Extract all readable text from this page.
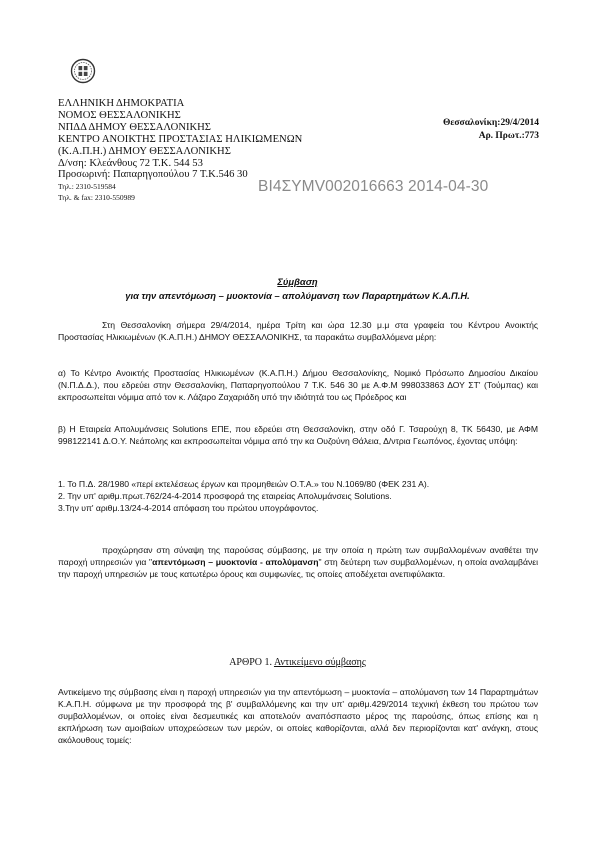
ΕΛΛΗΝΙΚΗ ΔΗΜΟΚΡΑΤΙΑ
ΝΟΜΟΣ ΘΕΣΣΑΛΟΝΙΚΗΣ
ΝΠΔΔ ΔΗΜΟΥ ΘΕΣΣΑΛΟΝΙΚΗΣ
ΚΕΝΤΡΟ ΑΝΟΙΚΤΗΣ ΠΡΟΣΤΑΣΙΑΣ ΗΛΙΚΙΩΜΕΝΩΝ
(Κ.Α.Π.Η.) ΔΗΜΟΥ ΘΕΣΣΑΛΟΝΙΚΗΣ
Δ/νση: Κλεάνθους 72 Τ.Κ. 544 53
Προσωρινή: Παπαρηγοπούλου 7 Τ.Κ.546 30
Τηλ.: 2310-519584
Τηλ. & fax: 2310-550989
Θεσσαλονίκη:29/4/2014
Αρ. Πρωτ.:773
ΒΙ4ΣΥΜV002016663 2014-04-30
Σύμβαση
για την απεντόμωση – μυοκτονία – απολύμανση των Παραρτημάτων Κ.Α.Π.Η.

Στη Θεσσαλονίκη σήμερα 29/4/2014, ημέρα Τρίτη και ώρα 12.30 μ.μ στα γραφεία του Κέντρου Ανοικτής Προστασίας Ηλικιωμένων (Κ.Α.Π.Η.) ΔΗΜΟΥ ΘΕΣΣΑΛΟΝΙΚΗΣ, τα παρακάτω συμβαλλόμενα μέρη:

α) Το Κέντρο Ανοικτής Προστασίας Ηλικιωμένων (Κ.Α.Π.Η.) Δήμου Θεσσαλονίκης, Νομικό Πρόσωπο Δημοσίου Δικαίου (Ν.Π.Δ.Δ.), που εδρεύει στην Θεσσαλονίκη, Παπαρηγοπούλου 7 Τ.Κ. 546 30 με Α.Φ.Μ 998033863 ΔΟΥ ΣΤ' (Τούμπας) και εκπροσωπείται νόμιμα από τον κ. Λάζαρο Ζαχαριάδη υπό την ιδιότητά του ως Πρόεδρος και

β) Η Εταιρεία Απολυμάνσεις Solutions ΕΠΕ, που εδρεύει στη Θεσσαλονίκη, στην οδό Γ. Τσαρούχη 8, ΤΚ 56430, με ΑΦΜ 998122141 Δ.Ο.Υ. Νεάπολης και εκπροσωπείται νόμιμα από την κα Ουζούνη Θάλεια, Δ/ντρια Γεωπόνος, έχοντας υπόψη:

1. Το Π.Δ. 28/1980 «περί εκτελέσεως έργων και προμηθειών Ο.Τ.Α.» του Ν.1069/80 (ΦΕΚ 231 Α).

2. Την υπ' αριθμ.πρωτ.762/24-4-2014 προσφορά της εταιρείας Απολυμάνσεις Solutions.

3.Την υπ' αριθμ.13/24-4-2014 απόφαση του πρώτου υπογράφοντος.

προχώρησαν στη σύναψη της παρούσας σύμβασης, με την οποία η πρώτη των συμβαλλομένων αναθέτει την παροχή υπηρεσιών για "απεντόμωση – μυοκτονία - απολύμανση" στη δεύτερη των συμβαλλομένων, η οποία αναλαμβάνει την παροχή υπηρεσιών με τους κατωτέρω όρους και συμφωνίες, τις οποίες αποδέχεται ανεπιφύλακτα.

ΑΡΘΡΟ 1. Αντικείμενο σύμβασης

Αντικείμενο της σύμβασης είναι η παροχή υπηρεσιών για την απεντόμωση – μυοκτονία – απολύμανση των 14 Παραρτημάτων Κ.Α.Π.Η. σύμφωνα με την προσφορά της β' συμβαλλόμενης και την υπ' αριθμ.429/2014 τεχνική έκθεση του πρώτου των συμβαλλομένων, οι οποίες είναι δεσμευτικές και αποτελούν αναπόσπαστο μέρος της παρούσης, όπως επίσης και η εκπλήρωση των αμοιβαίων υποχρεώσεων των μερών, οι οποίες καθορίζονται, αλλά δεν περιορίζονται κατ' ανάγκη, στους ακόλουθους τομείς:
